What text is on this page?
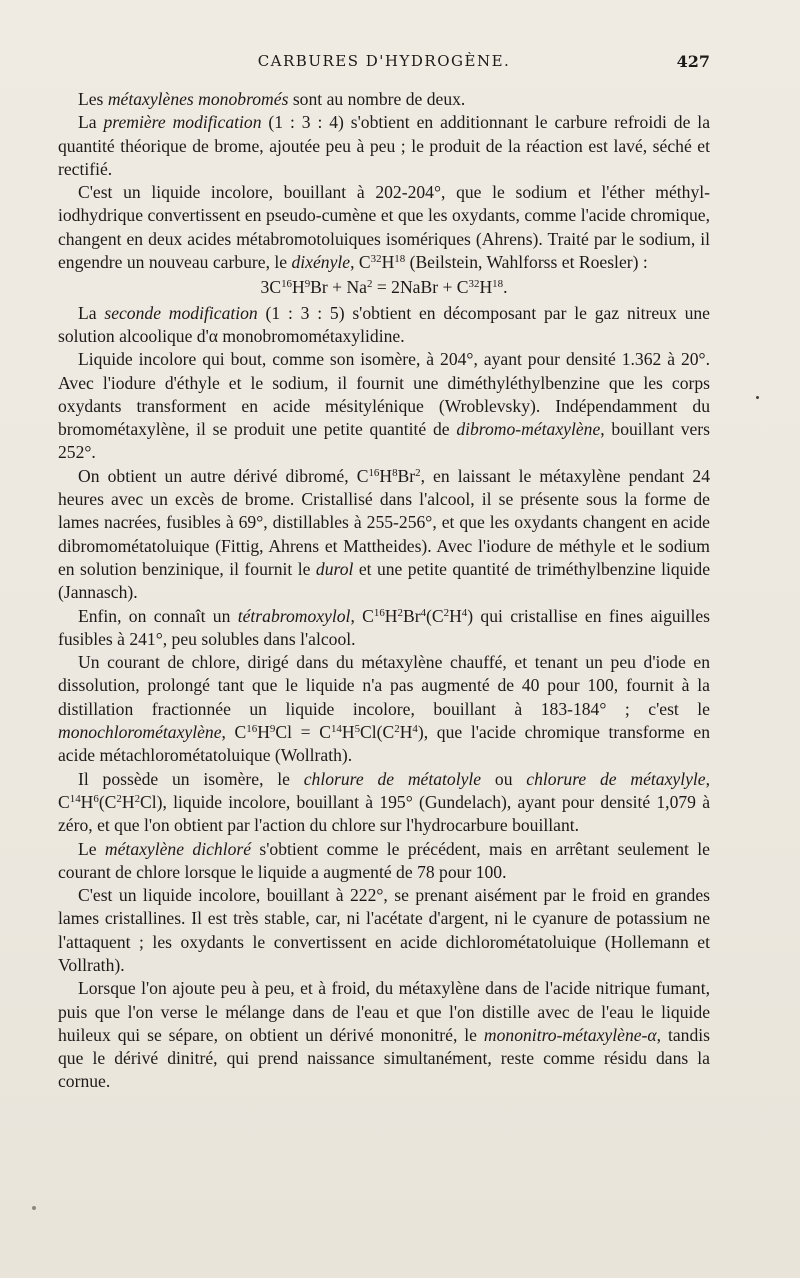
CARBURES D'HYDROGÈNE.	427

Les métaxylènes monobromés sont au nombre de deux.

La première modification (1 : 3 : 4) s'obtient en additionnant le carbure refroidi de la quantité théorique de brome, ajoutée peu à peu ; le produit de la réaction est lavé, séché et rectifié.

C'est un liquide incolore, bouillant à 202-204°, que le sodium et l'éther méthyl-iodhydrique convertissent en pseudo-cumène et que les oxydants, comme l'acide chromique, changent en deux acides métabromotoluiques isomériques (Ahrens). Traité par le sodium, il engendre un nouveau carbure, le dixényle, $C^{32}H^{18}$ (Beilstein, Wahlforss et Roesler) :

$3C^{16}H^9Br + Na^2$ = 2NaBr + $C^{32}H^{18}$.

La seconde modification (1 : 3 : 5) s'obtient en décomposant par le gaz nitreux une solution alcoolique d'α monobromométaxylidine.

Liquide incolore qui bout, comme son isomère, à 204°, ayant pour densité 1.362 à 20°. Avec l'iodure d'éthyle et le sodium, il fournit une diméthyléthylbenzine que les corps oxydants transforment en acide mésitylénique (Wroblevsky). Indépendamment du bromométaxylène, il se produit une petite quantité de dibromo-métaxylène, bouillant vers 252°.

On obtient un autre dérivé dibromé, $C^{16}H^8Br^2$, en laissant le métaxylène pendant 24 heures avec un excès de brome. Cristallisé dans l'alcool, il se présente sous la forme de lames nacrées, fusibles à 69°, distillables à 255-256°, et que les oxydants changent en acide dibromométatoluique (Fittig, Ahrens et Mattheides). Avec l'iodure de méthyle et le sodium en solution benzinique, il fournit le durol et une petite quantité de triméthylbenzine liquide (Jannasch).

Enfin, on connaît un tétrabromoxylol, $C^{16}H^2Br^4(C^2H^4)$ qui cristallise en fines aiguilles fusibles à 241°, peu solubles dans l'alcool.

Un courant de chlore, dirigé dans du métaxylène chauffé, et tenant un peu d'iode en dissolution, prolongé tant que le liquide n'a pas augmenté de 40 pour 100, fournit à la distillation fractionnée un liquide incolore, bouillant à 183-184° ; c'est le monochlorométaxylène, $C^{16}H^9Cl = C^{14}H^5Cl(C^2H^4)$, que l'acide chromique transforme en acide métachlorométatoluique (Wollrath).

Il possède un isomère, le chlorure de métatolyle ou chlorure de métaxylyle, $C^{14}H^6(C^2H^2Cl)$, liquide incolore, bouillant à 195° (Gundelach), ayant pour densité 1,079 à zéro, et que l'on obtient par l'action du chlore sur l'hydrocarbure bouillant.

Le métaxylène dichloré s'obtient comme le précédent, mais en arrêtant seulement le courant de chlore lorsque le liquide a augmenté de 78 pour 100.

C'est un liquide incolore, bouillant à 222°, se prenant aisément par le froid en grandes lames cristallines. Il est très stable, car, ni l'acétate d'argent, ni le cyanure de potassium ne l'attaquent ; les oxydants le convertissent en acide dichlorométatoluique (Hollemann et Vollrath).

Lorsque l'on ajoute peu à peu, et à froid, du métaxylène dans de l'acide nitrique fumant, puis que l'on verse le mélange dans de l'eau et que l'on distille avec de l'eau le liquide huileux qui se sépare, on obtient un dérivé mononitré, le mononitro-métaxylène-α, tandis que le dérivé dinitré, qui prend naissance simultanément, reste comme résidu dans la cornue.
